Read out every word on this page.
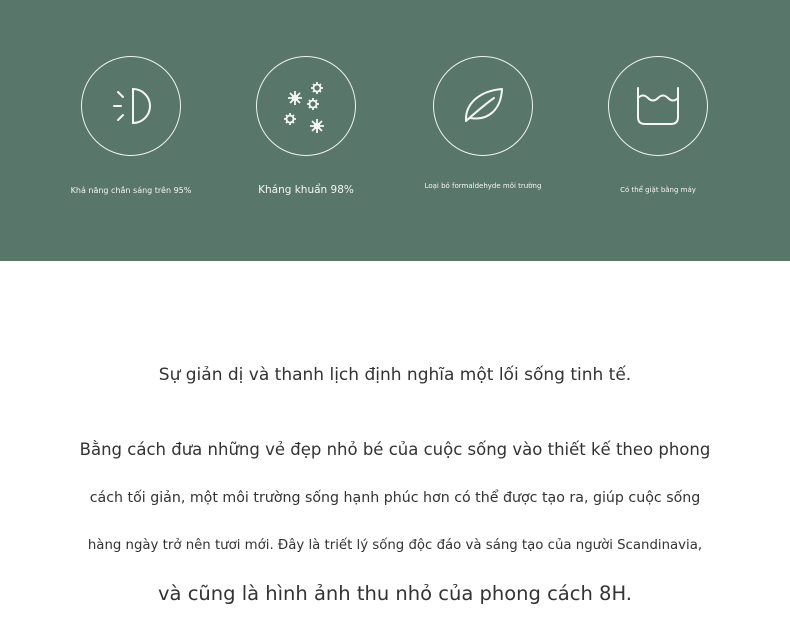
Khả năng chắn sáng trên 95%	Kháng khuẩn 98%	Loại bỏ formaldehyde môi trường	Có thể giặt bằng máy
Sự giản dị và thanh lịch định nghĩa một lối sống tinh tế.
Bằng cách đưa những vẻ đẹp nhỏ bé của cuộc sống vào thiết kế theo phong
cách tối giản, một môi trường sống hạnh phúc hơn có thể được tạo ra, giúp cuộc sống
hàng ngày trở nên tươi mới. Đây là triết lý sống độc đáo và sáng tạo của người Scandinavia,
và cũng là hình ảnh thu nhỏ của phong cách 8H.
